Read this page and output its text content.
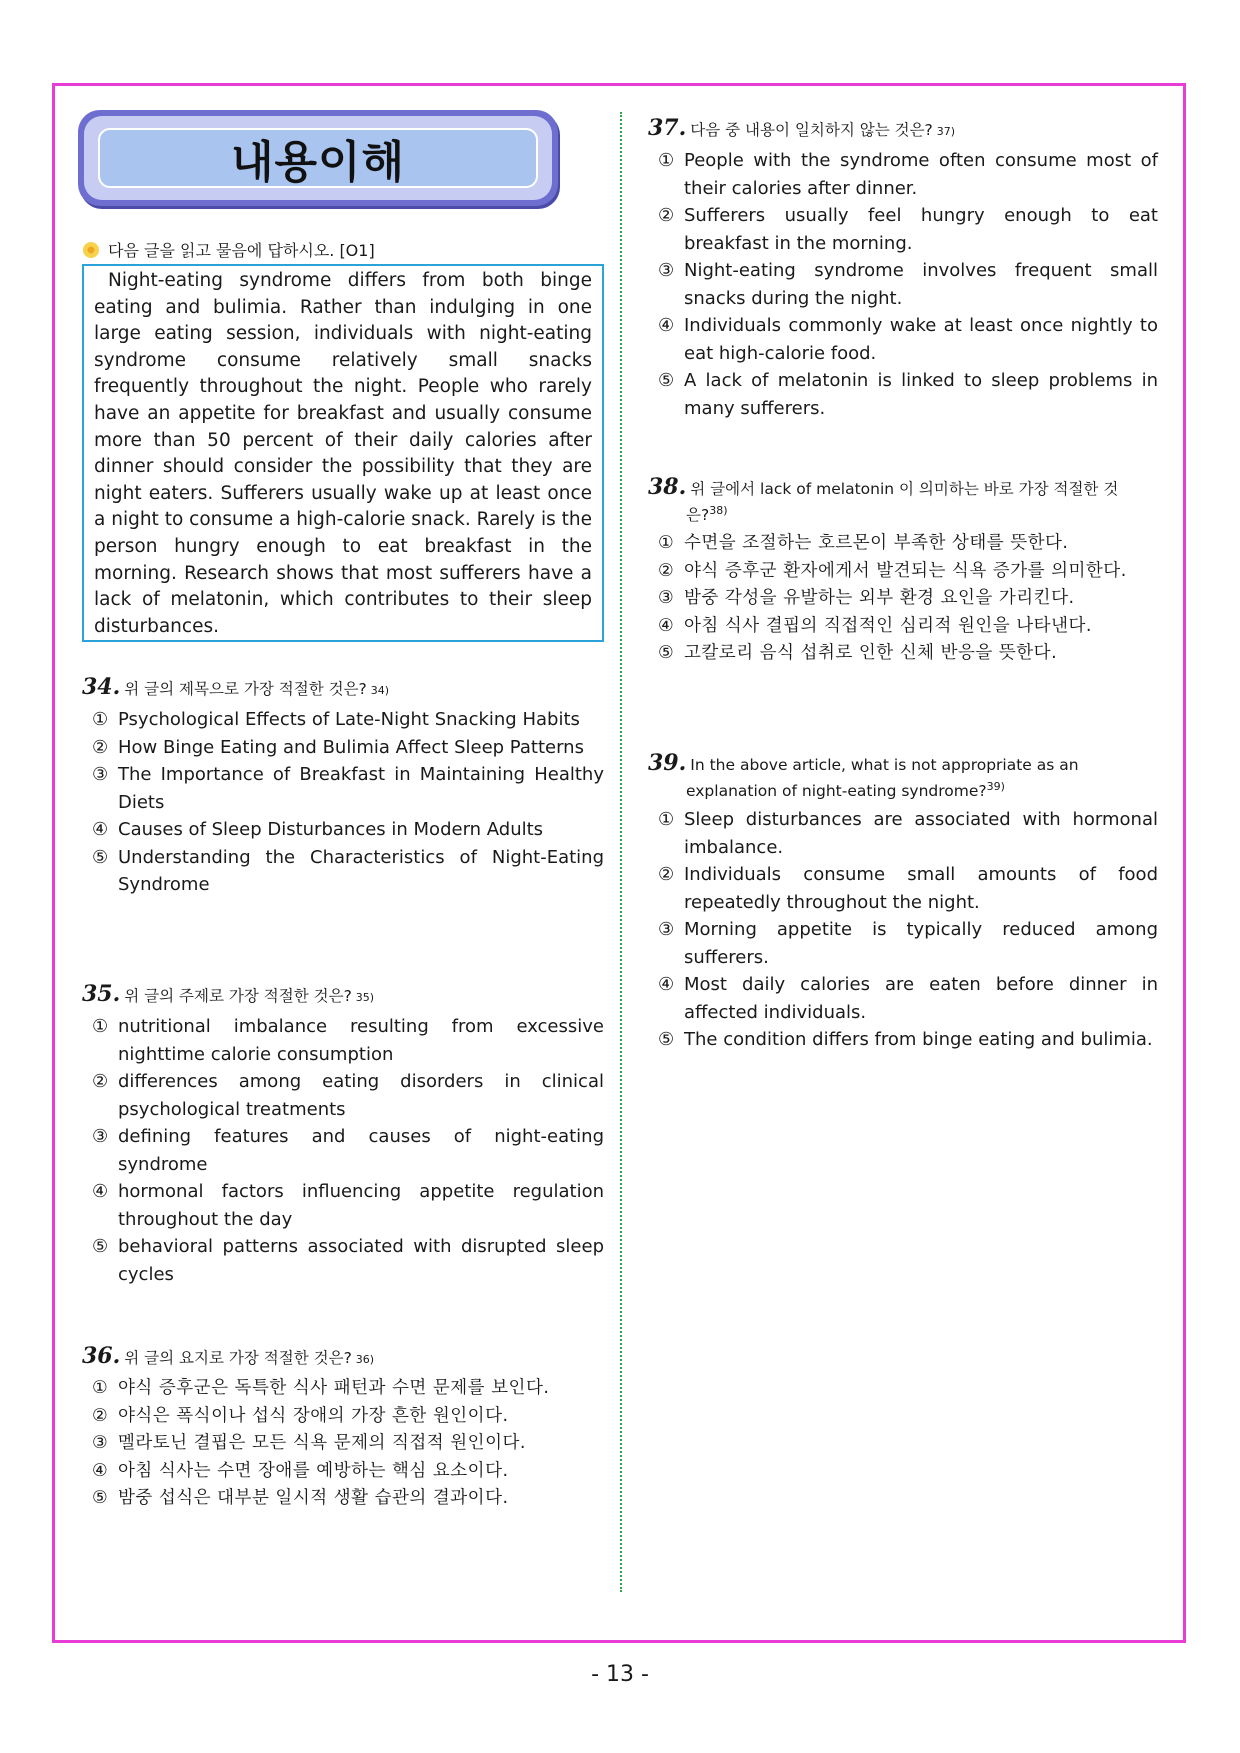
내용이해
다음 글을 읽고 물음에 답하시오. [O1]
Night-eating syndrome differs from both binge eating and bulimia. Rather than indulging in one large eating session, individuals with night-eating syndrome consume relatively small snacks frequently throughout the night. People who rarely have an appetite for breakfast and usually consume more than 50 percent of their daily calories after dinner should consider the possibility that they are night eaters. Sufferers usually wake up at least once a night to consume a high-calorie snack. Rarely is the person hungry enough to eat breakfast in the morning. Research shows that most sufferers have a lack of melatonin, which contributes to their sleep disturbances.
34. 위 글의 제목으로 가장 적절한 것은? 34)
① Psychological Effects of Late-Night Snacking Habits
② How Binge Eating and Bulimia Affect Sleep Patterns
③ The Importance of Breakfast in Maintaining Healthy Diets
④ Causes of Sleep Disturbances in Modern Adults
⑤ Understanding the Characteristics of Night-Eating Syndrome
35. 위 글의 주제로 가장 적절한 것은? 35)
① nutritional imbalance resulting from excessive nighttime calorie consumption
② differences among eating disorders in clinical psychological treatments
③ defining features and causes of night-eating syndrome
④ hormonal factors influencing appetite regulation throughout the day
⑤ behavioral patterns associated with disrupted sleep cycles
36. 위 글의 요지로 가장 적절한 것은? 36)
① 야식 증후군은 독특한 식사 패턴과 수면 문제를 보인다.
② 야식은 폭식이나 섭식 장애의 가장 흔한 원인이다.
③ 멜라토닌 결핍은 모든 식욕 문제의 직접적 원인이다.
④ 아침 식사는 수면 장애를 예방하는 핵심 요소이다.
⑤ 밤중 섭식은 대부분 일시적 생활 습관의 결과이다.
37. 다음 중 내용이 일치하지 않는 것은? 37)
① People with the syndrome often consume most of their calories after dinner.
② Sufferers usually feel hungry enough to eat breakfast in the morning.
③ Night-eating syndrome involves frequent small snacks during the night.
④ Individuals commonly wake at least once nightly to eat high-calorie food.
⑤ A lack of melatonin is linked to sleep problems in many sufferers.
38. 위 글에서 lack of melatonin 이 의미하는 바로 가장 적절한 것
은?$^{38)}$
① 수면을 조절하는 호르몬이 부족한 상태를 뜻한다.
② 야식 증후군 환자에게서 발견되는 식욕 증가를 의미한다.
③ 밤중 각성을 유발하는 외부 환경 요인을 가리킨다.
④ 아침 식사 결핍의 직접적인 심리적 원인을 나타낸다.
⑤ 고칼로리 음식 섭취로 인한 신체 반응을 뜻한다.
39. In the above article, what is not appropriate as an
explanation of night-eating syndrome?$^{39)}$
① Sleep disturbances are associated with hormonal imbalance.
② Individuals consume small amounts of food repeatedly throughout the night.
③ Morning appetite is typically reduced among sufferers.
④ Most daily calories are eaten before dinner in affected individuals.
⑤ The condition differs from binge eating and bulimia.
- 13 -
